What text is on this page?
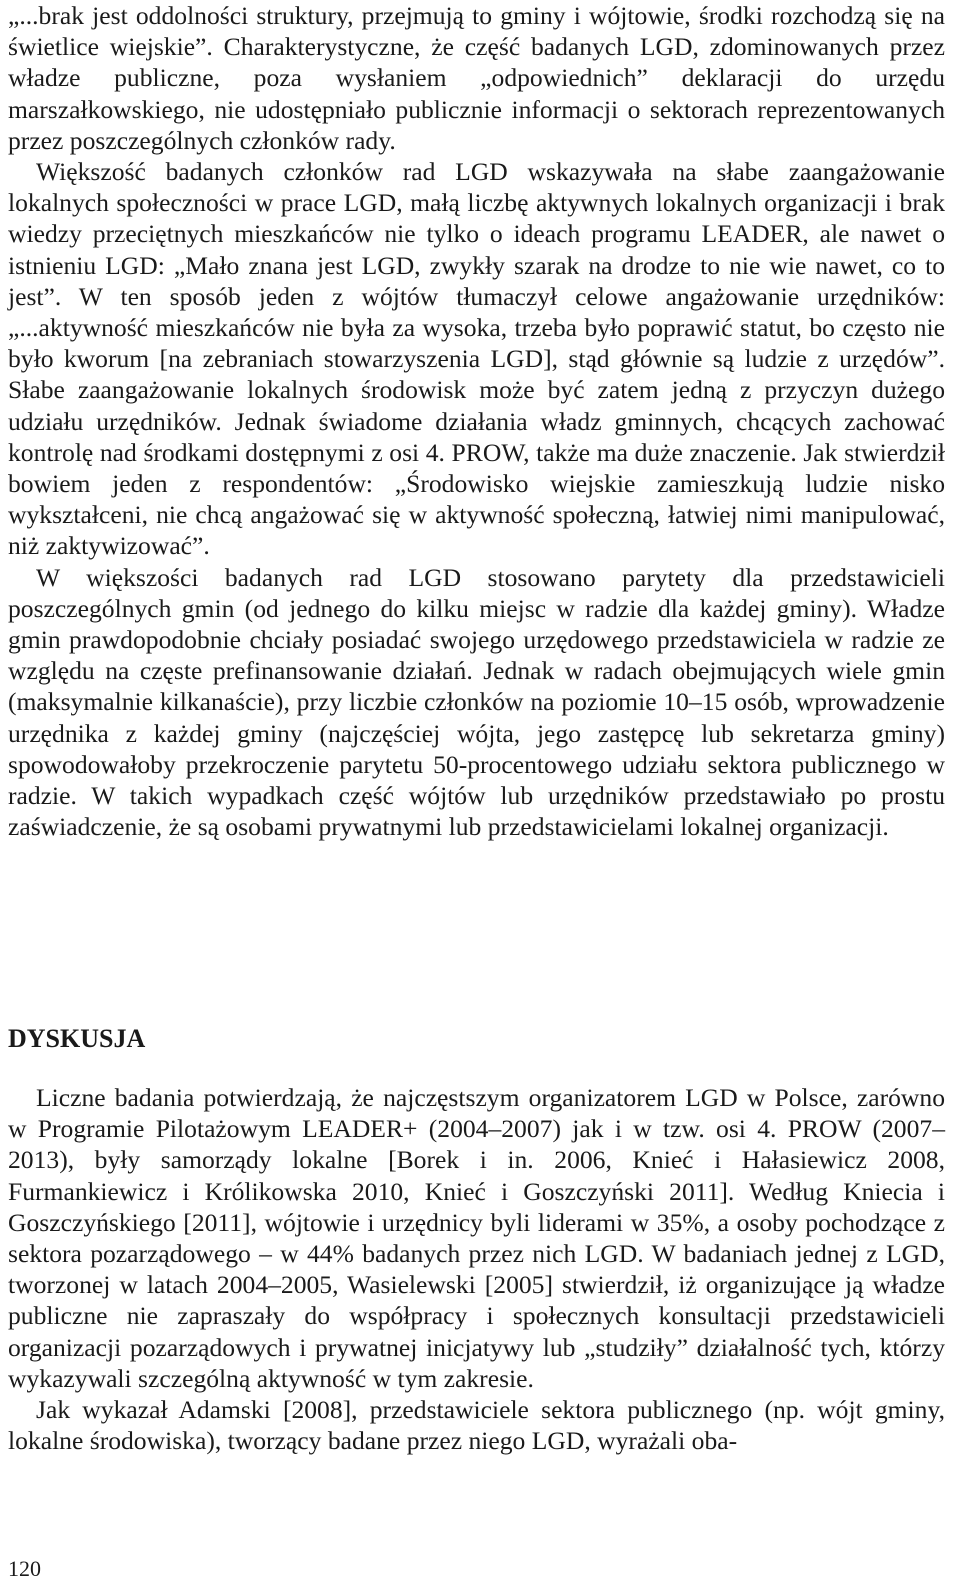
„...brak jest oddolności struktury, przejmują to gminy i wójtowie, środki rozchodzą się na świetlice wiejskie”. Charakterystyczne, że część badanych LGD, zdominowanych przez władze publiczne, poza wysłaniem „odpowiednich” deklaracji do urzędu marszałkowskiego, nie udostępniało publicznie informacji o sektorach reprezentowanych przez poszczególnych członków rady.

Większość badanych członków rad LGD wskazywała na słabe zaangażowanie lokalnych społeczności w prace LGD, małą liczbę aktywnych lokalnych organizacji i brak wiedzy przeciętnych mieszkańców nie tylko o ideach programu LEADER, ale nawet o istnieniu LGD: „Mało znana jest LGD, zwykły szarak na drodze to nie wie nawet, co to jest”. W ten sposób jeden z wójtów tłumaczył celowe angażowanie urzędników: „...aktywność mieszkańców nie była za wysoka, trzeba było poprawić statut, bo często nie było kworum [na zebraniach stowarzyszenia LGD], stąd głównie są ludzie z urzędów”. Słabe zaangażowanie lokalnych środowisk może być zatem jedną z przyczyn dużego udziału urzędników. Jednak świadome działania władz gminnych, chcących zachować kontrolę nad środkami dostępnymi z osi 4. PROW, także ma duże znaczenie. Jak stwierdził bowiem jeden z respondentów: „Środowisko wiejskie zamieszkują ludzie nisko wykształceni, nie chcą angażować się w aktywność społeczną, łatwiej nimi manipulować, niż zaktywizować”.

W większości badanych rad LGD stosowano parytety dla przedstawicieli poszczególnych gmin (od jednego do kilku miejsc w radzie dla każdej gminy). Władze gmin prawdopodobnie chciały posiadać swojego urzędowego przedstawiciela w radzie ze względu na częste prefinansowanie działań. Jednak w radach obejmujących wiele gmin (maksymalnie kilkanaście), przy liczbie członków na poziomie 10–15 osób, wprowadzenie urzędnika z każdej gminy (najczęściej wójta, jego zastępcę lub sekretarza gminy) spowodowałoby przekroczenie parytetu 50-procentowego udziału sektora publicznego w radzie. W takich wypadkach część wójtów lub urzędników przedstawiało po prostu zaświadczenie, że są osobami prywatnymi lub przedstawicielami lokalnej organizacji.

DYSKUSJA

Liczne badania potwierdzają, że najczęstszym organizatorem LGD w Polsce, zarówno w Programie Pilotażowym LEADER+ (2004–2007) jak i w tzw. osi 4. PROW (2007–2013), były samorządy lokalne [Borek i in. 2006, Knieć i Hałasiewicz 2008, Furmankiewicz i Królikowska 2010, Knieć i Goszczyński 2011]. Według Kniecia i Goszczyńskiego [2011], wójtowie i urzędnicy byli liderami w 35%, a osoby pochodzące z sektora pozarządowego – w 44% badanych przez nich LGD. W badaniach jednej z LGD, tworzonej w latach 2004–2005, Wasielewski [2005] stwierdził, iż organizujące ją władze publiczne nie zapraszały do współpracy i społecznych konsultacji przedstawicieli organizacji pozarządowych i prywatnej inicjatywy lub „studziły” działalność tych, którzy wykazywali szczególną aktywność w tym zakresie.

Jak wykazał Adamski [2008], przedstawiciele sektora publicznego (np. wójt gminy, lokalne środowiska), tworzący badane przez niego LGD, wyrażali oba-

120
